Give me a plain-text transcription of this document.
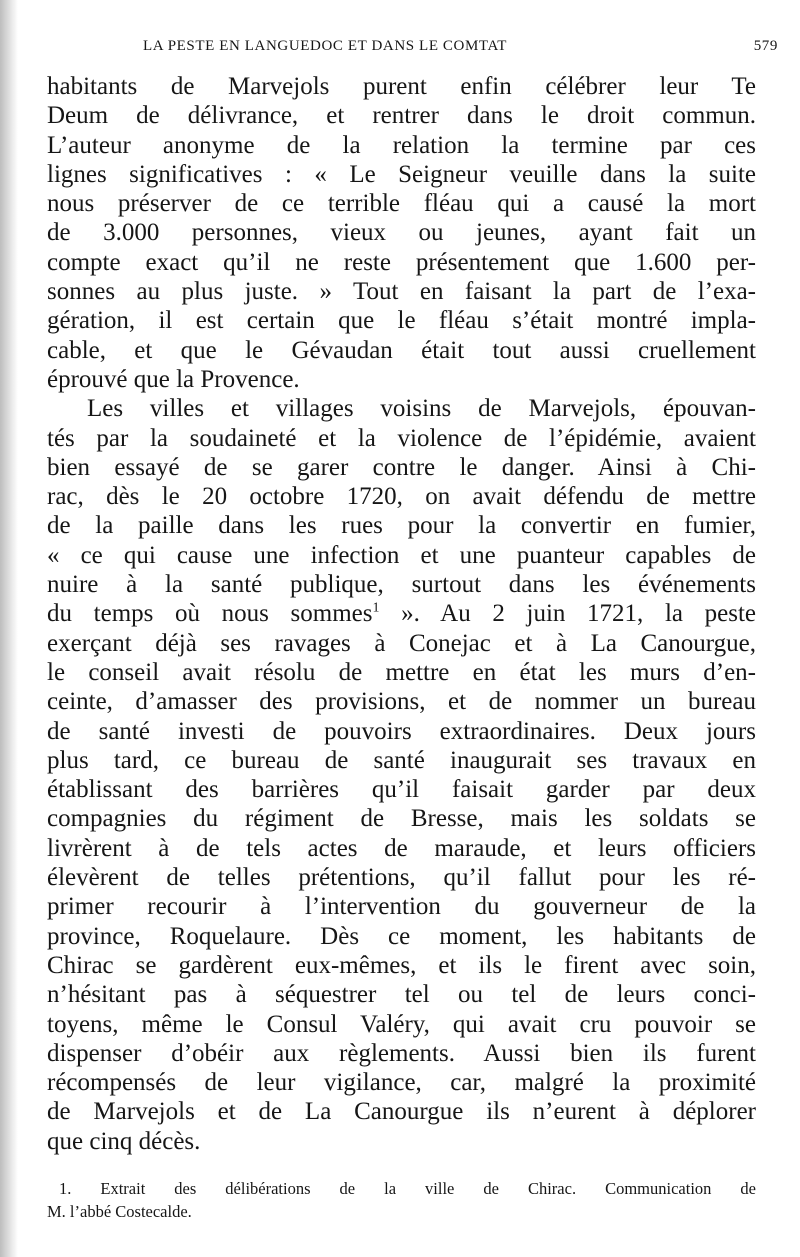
LA PESTE EN LANGUEDOC ET DANS LE COMTAT	579
habitants de Marvejols purent enfin célébrer leur Te
Deum de délivrance, et rentrer dans le droit commun.
L’auteur anonyme de la relation la termine par ces
lignes significatives : « Le Seigneur veuille dans la suite
nous préserver de ce terrible fléau qui a causé la mort
de 3.000 personnes, vieux ou jeunes, ayant fait un
compte exact qu’il ne reste présentement que 1.600 per-
sonnes au plus juste. » Tout en faisant la part de l’exa-
gération, il est certain que le fléau s’était montré impla-
cable, et que le Gévaudan était tout aussi cruellement
éprouvé que la Provence.
Les villes et villages voisins de Marvejols, épouvan-
tés par la soudaineté et la violence de l’épidémie, avaient
bien essayé de se garer contre le danger. Ainsi à Chi-
rac, dès le 20 octobre 1720, on avait défendu de mettre
de la paille dans les rues pour la convertir en fumier,
« ce qui cause une infection et une puanteur capables de
nuire à la santé publique, surtout dans les événements
du temps où nous sommes$^1$ ». Au 2 juin 1721, la peste
exerçant déjà ses ravages à Conejac et à La Canourgue,
le conseil avait résolu de mettre en état les murs d’en-
ceinte, d’amasser des provisions, et de nommer un bureau
de santé investi de pouvoirs extraordinaires. Deux jours
plus tard, ce bureau de santé inaugurait ses travaux en
établissant des barrières qu’il faisait garder par deux
compagnies du régiment de Bresse, mais les soldats se
livrèrent à de tels actes de maraude, et leurs officiers
élevèrent de telles prétentions, qu’il fallut pour les ré-
primer recourir à l’intervention du gouverneur de la
province, Roquelaure. Dès ce moment, les habitants de
Chirac se gardèrent eux-mêmes, et ils le firent avec soin,
n’hésitant pas à séquestrer tel ou tel de leurs conci-
toyens, même le Consul Valéry, qui avait cru pouvoir se
dispenser d’obéir aux règlements. Aussi bien ils furent
récompensés de leur vigilance, car, malgré la proximité
de Marvejols et de La Canourgue ils n’eurent à déplorer
que cinq décès.
1. Extrait des délibérations de la ville de Chirac. Communication de
M. l’abbé Costecalde.
